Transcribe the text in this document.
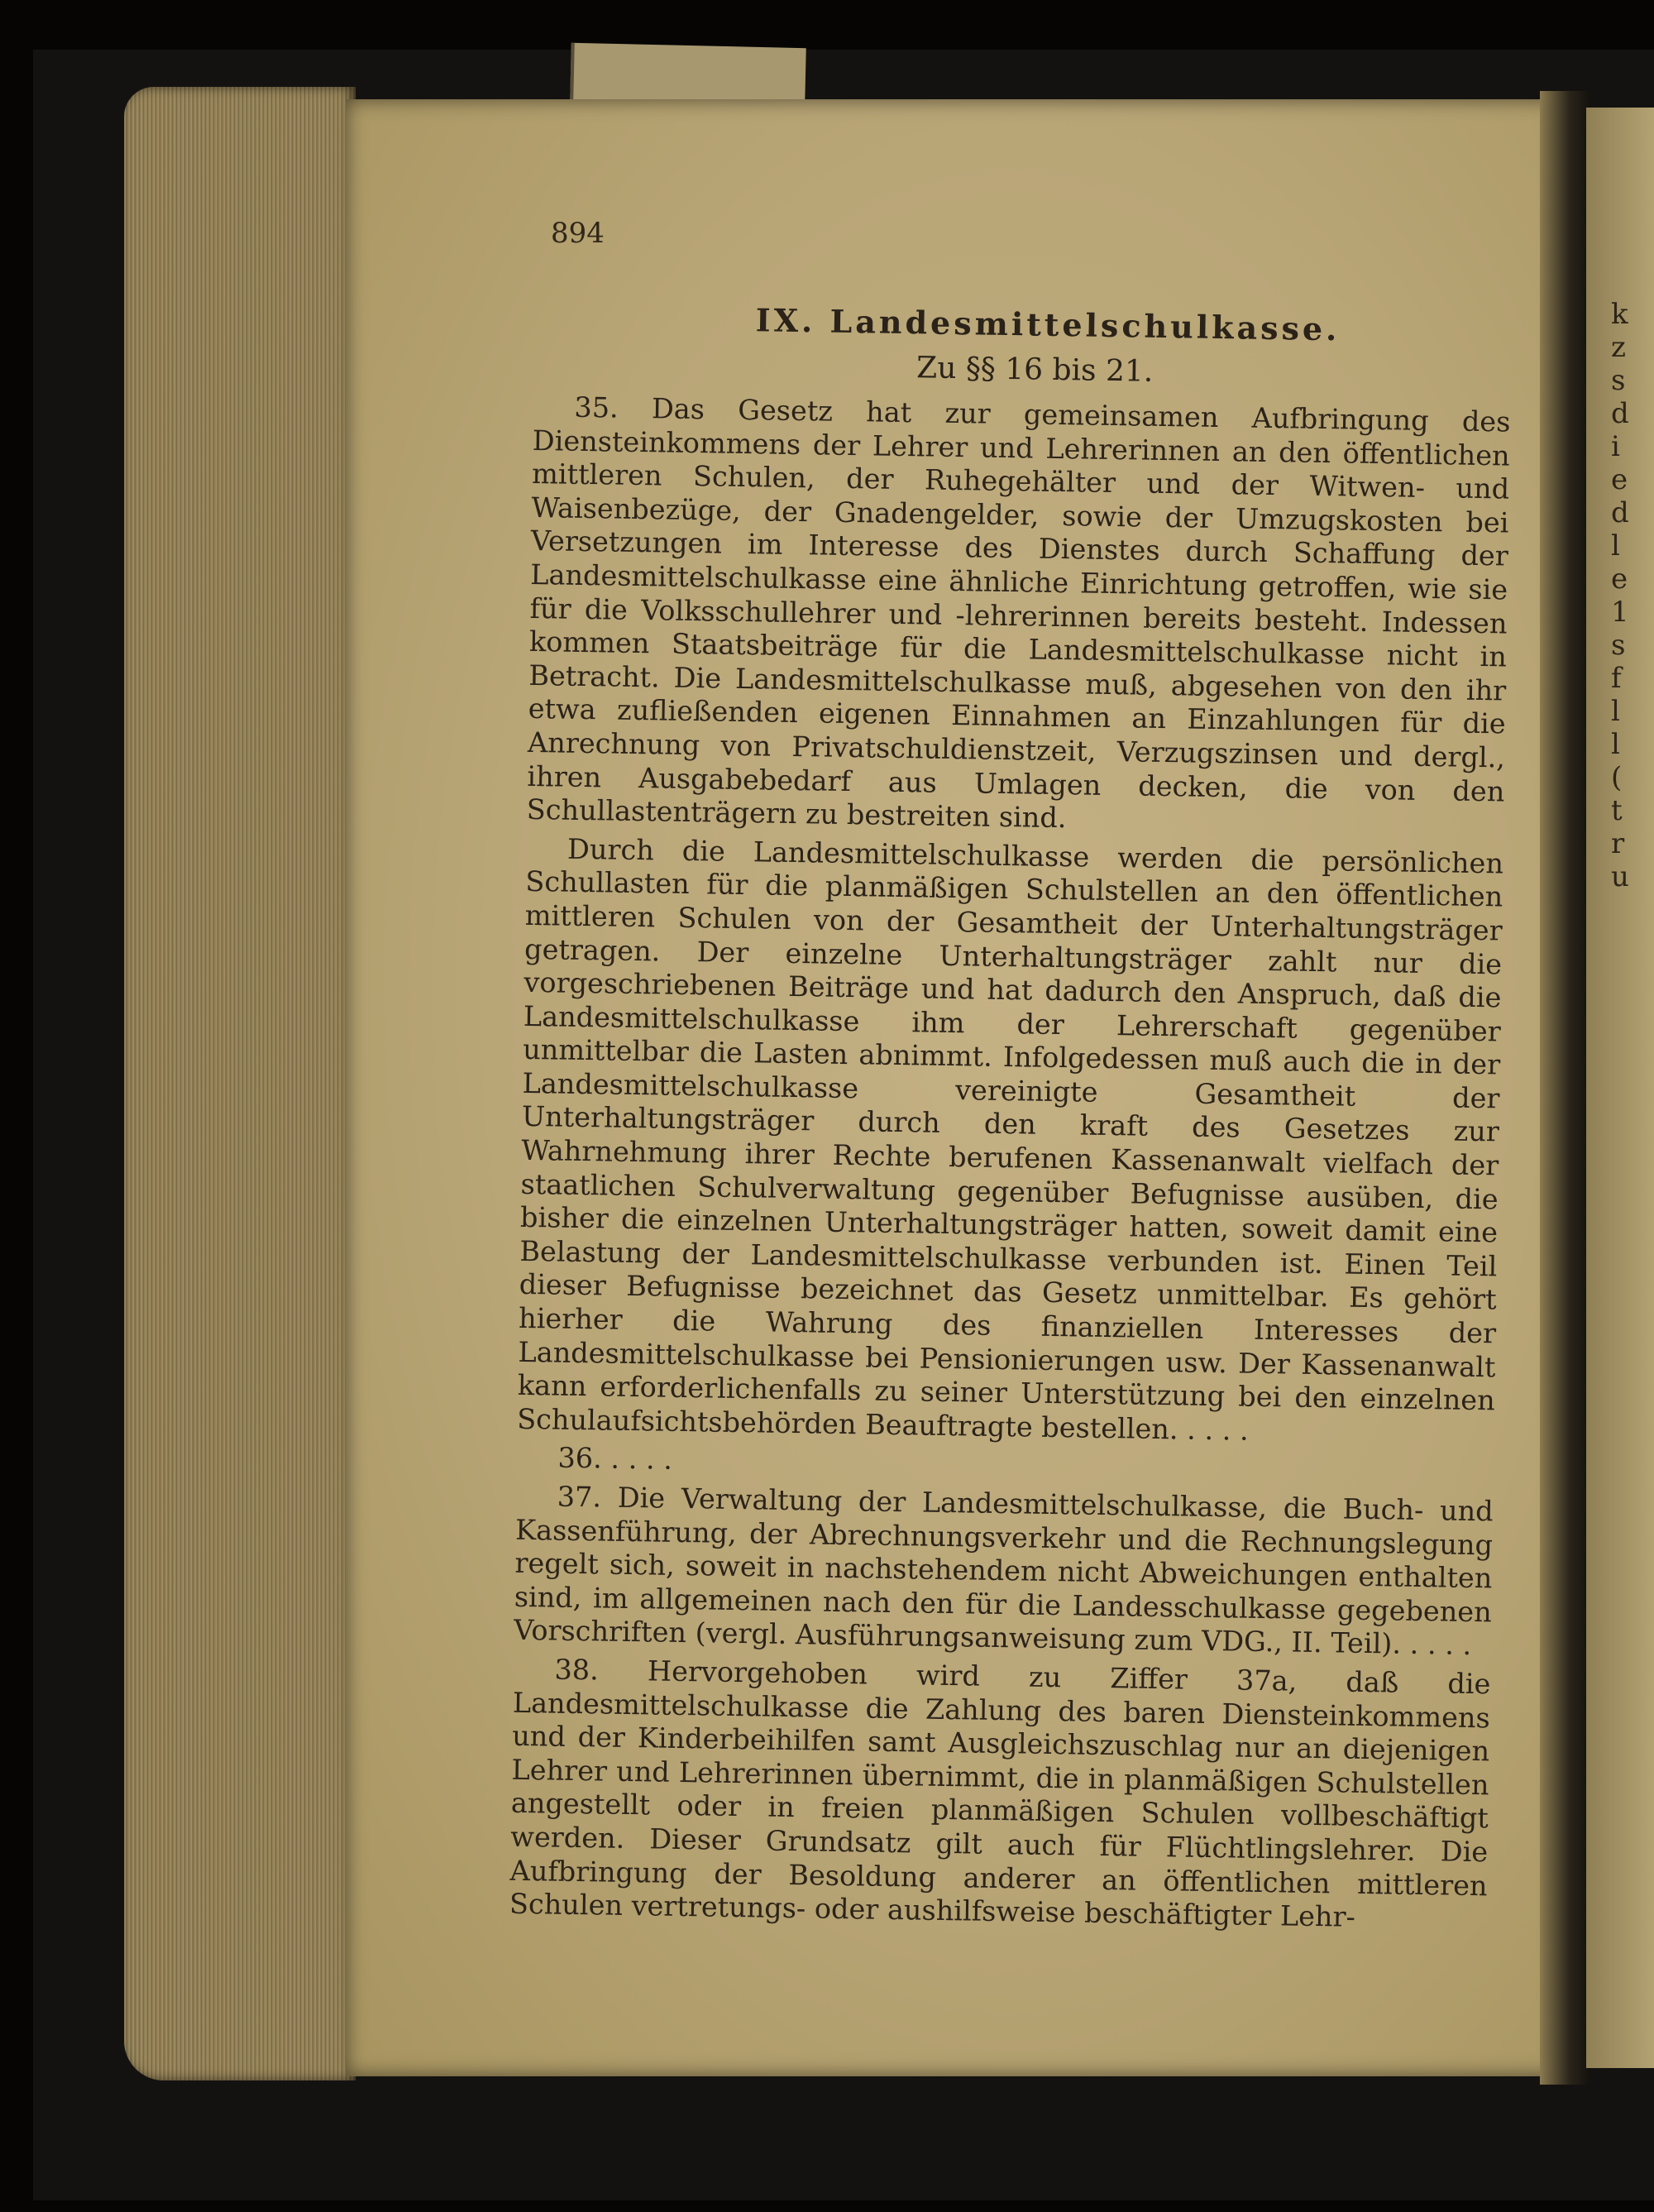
k
z
s
d
i
e
d
l
e
1
s
f
l
l
(
t
r
u
894
IX. Landesmittelschulkasse.
Zu §§ 16 bis 21.

35. Das Gesetz hat zur gemeinsamen Aufbringung des Diensteinkommens der Lehrer und Lehrerinnen an den öffentlichen mittleren Schulen, der Ruhegehälter und der Witwen- und Waisenbezüge, der Gnadengelder, sowie der Umzugskosten bei Versetzungen im Interesse des Dienstes durch Schaffung der Landesmittelschulkasse eine ähnliche Einrichtung getroffen, wie sie für die Volksschullehrer und -lehrerinnen bereits besteht. Indessen kommen Staatsbeiträge für die Landesmittelschulkasse nicht in Betracht. Die Landesmittelschulkasse muß, abgesehen von den ihr etwa zufließenden eigenen Einnahmen an Einzahlungen für die Anrechnung von Privatschuldienstzeit, Verzugszinsen und dergl., ihren Ausgabebedarf aus Umlagen decken, die von den Schullastenträgern zu bestreiten sind.

Durch die Landesmittelschulkasse werden die persönlichen Schullasten für die planmäßigen Schulstellen an den öffentlichen mittleren Schulen von der Gesamtheit der Unterhaltungsträger getragen. Der einzelne Unterhaltungsträger zahlt nur die vorgeschriebenen Beiträge und hat dadurch den Anspruch, daß die Landesmittelschulkasse ihm der Lehrerschaft gegenüber unmittelbar die Lasten abnimmt. Infolgedessen muß auch die in der Landesmittelschulkasse vereinigte Gesamtheit der Unterhaltungsträger durch den kraft des Gesetzes zur Wahrnehmung ihrer Rechte berufenen Kassenanwalt vielfach der staatlichen Schulverwaltung gegenüber Befugnisse ausüben, die bisher die einzelnen Unterhaltungsträger hatten, soweit damit eine Belastung der Landesmittelschulkasse verbunden ist. Einen Teil dieser Befugnisse bezeichnet das Gesetz unmittelbar. Es gehört hierher die Wahrung des finanziellen Interesses der Landesmittelschulkasse bei Pensionierungen usw. Der Kassenanwalt kann erforderlichenfalls zu seiner Unterstützung bei den einzelnen Schulaufsichtsbehörden Beauftragte bestellen. . . . .

36. . . . .

37. Die Verwaltung der Landesmittelschulkasse, die Buch- und Kassenführung, der Abrechnungsverkehr und die Rechnungslegung regelt sich, soweit in nachstehendem nicht Abweichungen enthalten sind, im allgemeinen nach den für die Landesschulkasse gegebenen Vorschriften (vergl. Ausführungsanweisung zum VDG., II. Teil). . . . .

38. Hervorgehoben wird zu Ziffer 37a, daß die Landesmittelschulkasse die Zahlung des baren Diensteinkommens und der Kinderbeihilfen samt Ausgleichszuschlag nur an diejenigen Lehrer und Lehrerinnen übernimmt, die in planmäßigen Schulstellen angestellt oder in freien planmäßigen Schulen vollbeschäftigt werden. Dieser Grundsatz gilt auch für Flüchtlingslehrer. Die Aufbringung der Besoldung anderer an öffentlichen mittleren Schulen vertretungs- oder aushilfsweise beschäftigter Lehr-
